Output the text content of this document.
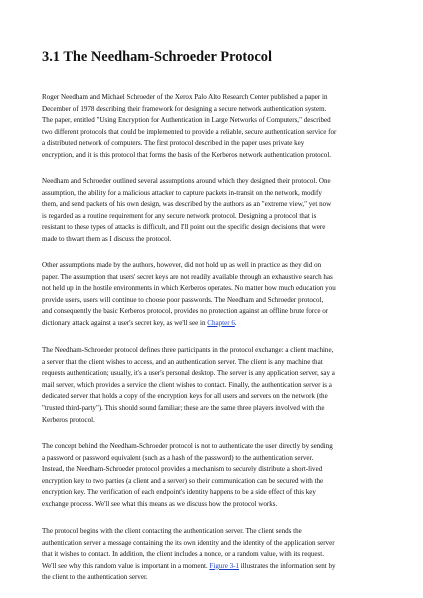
3.1 The Needham-Schroeder Protocol

Roger Needham and Michael Schroeder of the Xerox Palo Alto Research Center published a paper in
December of 1978 describing their framework for designing a secure network authentication system.
The paper, entitled "Using Encryption for Authentication in Large Networks of Computers," described
two different protocols that could be implemented to provide a reliable, secure authentication service for
a distributed network of computers. The first protocol described in the paper uses private key
encryption, and it is this protocol that forms the basis of the Kerberos network authentication protocol.

Needham and Schroeder outlined several assumptions around which they designed their protocol. One
assumption, the ability for a malicious attacker to capture packets in-transit on the network, modify
them, and send packets of his own design, was described by the authors as an "extreme view," yet now
is regarded as a routine requirement for any secure network protocol. Designing a protocol that is
resistant to these types of attacks is difficult, and I'll point out the specific design decisions that were
made to thwart them as I discuss the protocol.

Other assumptions made by the authors, however, did not hold up as well in practice as they did on
paper. The assumption that users' secret keys are not readily available through an exhaustive search has
not held up in the hostile environments in which Kerberos operates. No matter how much education you
provide users, users will continue to choose poor passwords. The Needham and Schroeder protocol,
and consequently the basic Kerberos protocol, provides no protection against an offline brute force or
dictionary attack against a user's secret key, as we'll see in Chapter 6.

The Needham-Schroeder protocol defines three participants in the protocol exchange: a client machine,
a server that the client wishes to access, and an authentication server. The client is any machine that
requests authentication; usually, it's a user's personal desktop. The server is any application server, say a
mail server, which provides a service the client wishes to contact. Finally, the authentication server is a
dedicated server that holds a copy of the encryption keys for all users and servers on the network (the
"trusted third-party"). This should sound familiar; these are the same three players involved with the
Kerberos protocol.

The concept behind the Needham-Schroeder protocol is not to authenticate the user directly by sending
a password or password equivalent (such as a hash of the password) to the authentication server.
Instead, the Needham-Schroeder protocol provides a mechanism to securely distribute a short-lived
encryption key to two parties (a client and a server) so their communication can be secured with the
encryption key. The verification of each endpoint's identity happens to be a side effect of this key
exchange process. We'll see what this means as we discuss how the protocol works.

The protocol begins with the client contacting the authentication server. The client sends the
authentication server a message containing the its own identity and the identity of the application server
that it wishes to contact. In addition, the client includes a nonce, or a random value, with its request.
We'll see why this random value is important in a moment. Figure 3-1 illustrates the information sent by
the client to the authentication server.
